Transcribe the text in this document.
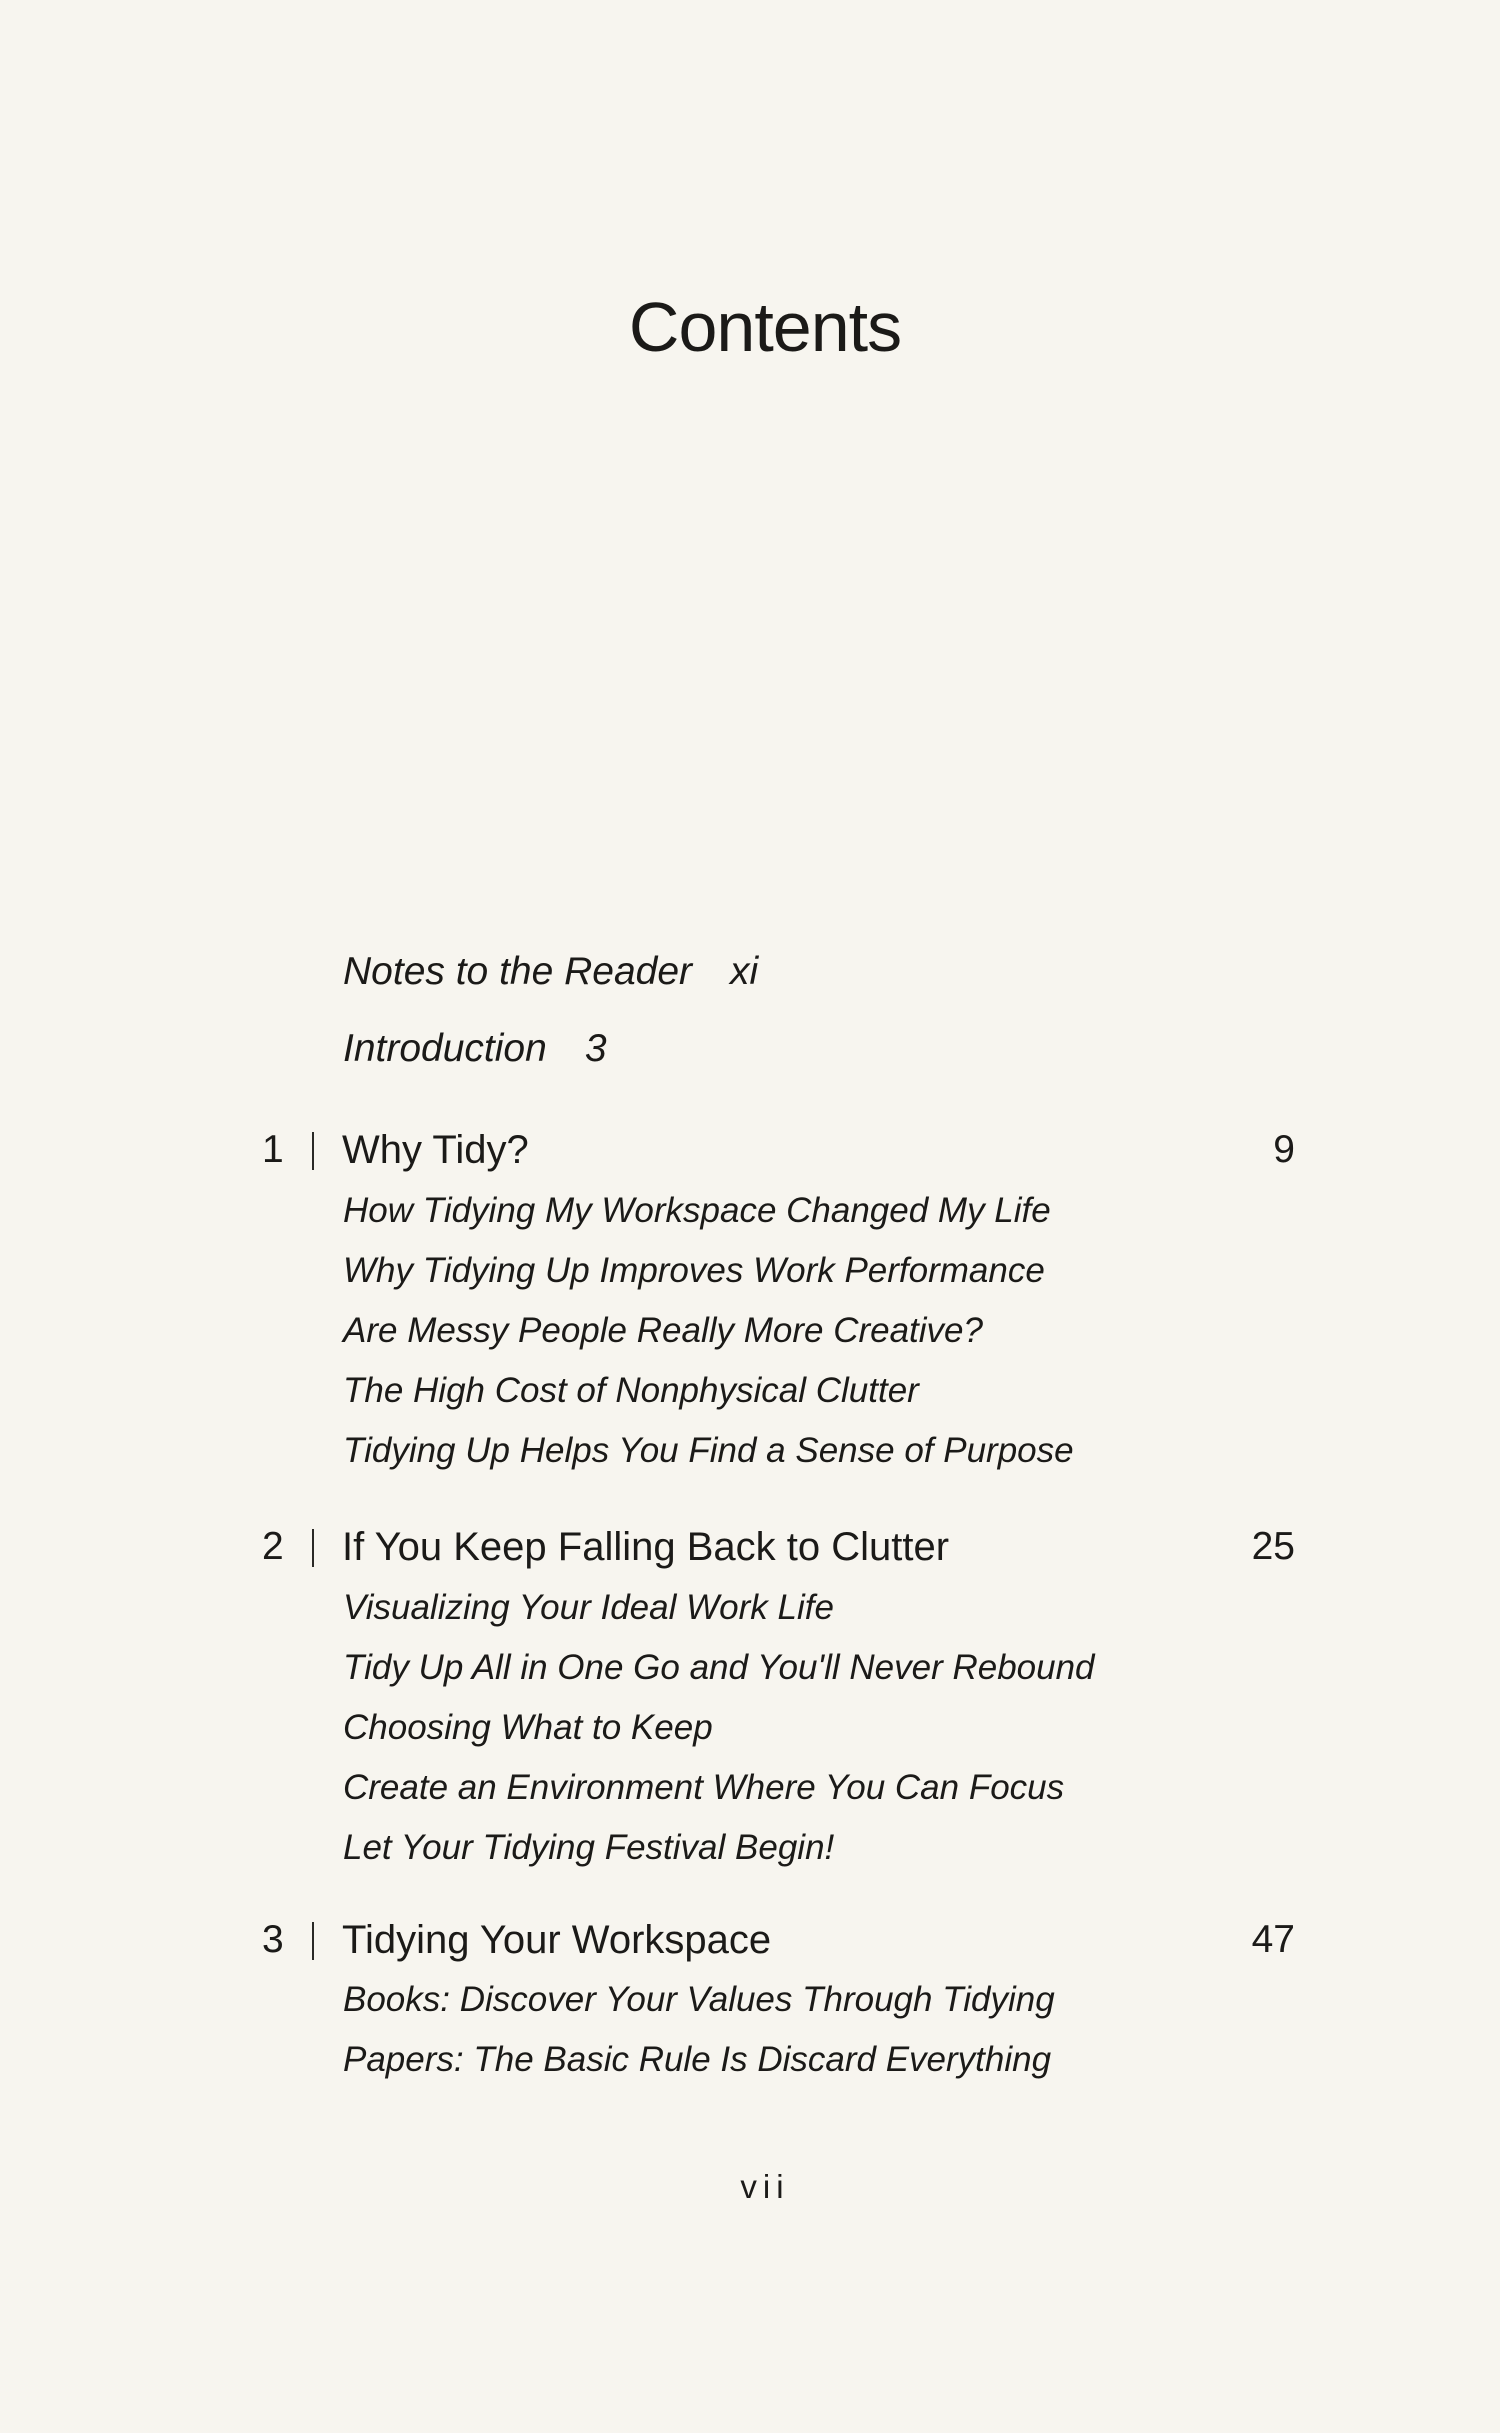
Contents
Notes to the Reader xi
Introduction 3
1 Why Tidy?	9
How Tidying My Workspace Changed My Life
Why Tidying Up Improves Work Performance
Are Messy People Really More Creative?
The High Cost of Nonphysical Clutter
Tidying Up Helps You Find a Sense of Purpose
2 If You Keep Falling Back to Clutter	25
Visualizing Your Ideal Work Life
Tidy Up All in One Go and You'll Never Rebound
Choosing What to Keep
Create an Environment Where You Can Focus
Let Your Tidying Festival Begin!
3 Tidying Your Workspace	47
Books: Discover Your Values Through Tidying
Papers: The Basic Rule Is Discard Everything
vii
